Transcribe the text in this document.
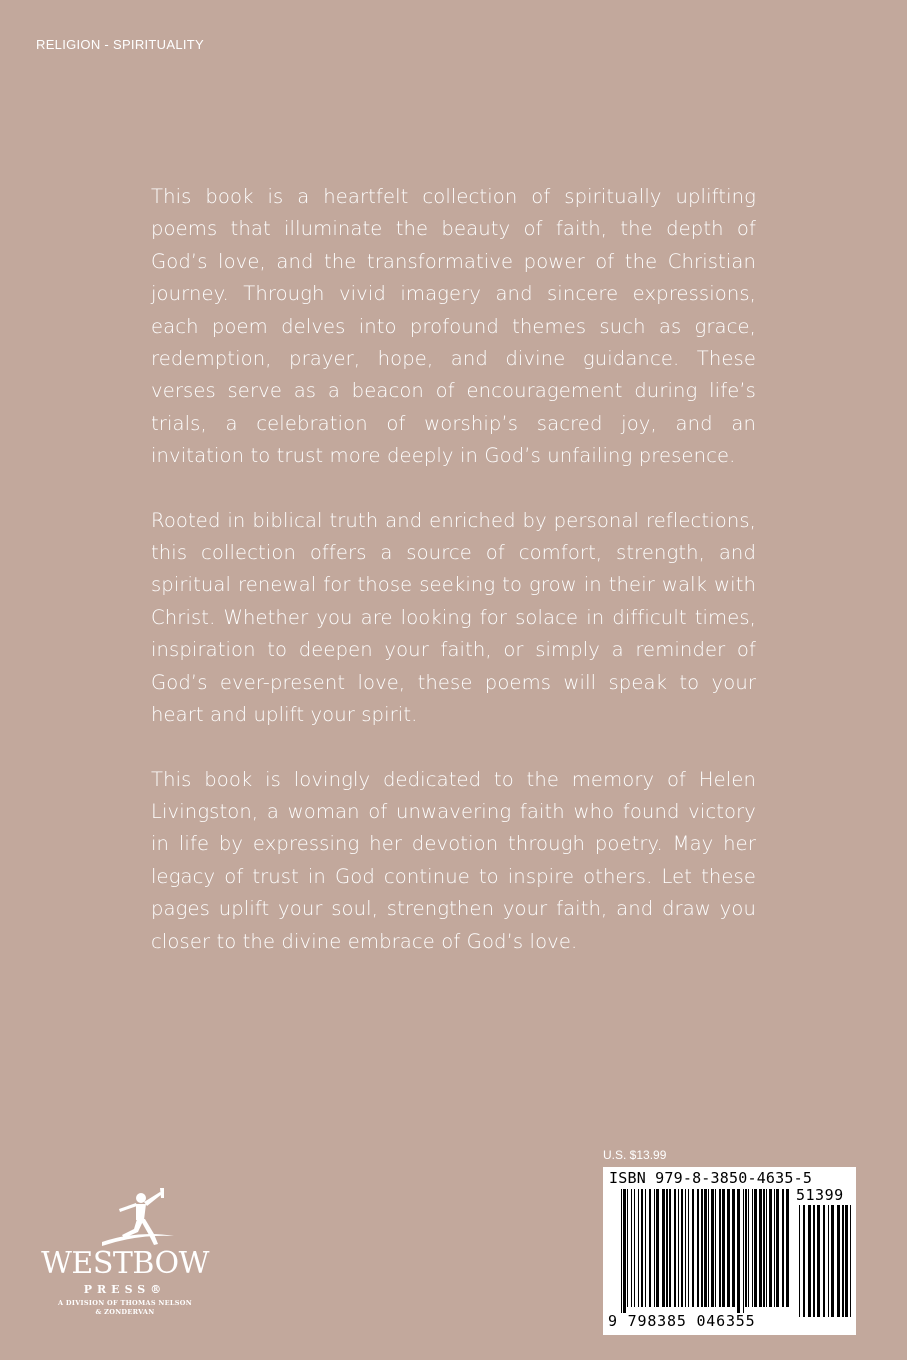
RELIGION - SPIRITUALITY

This book is a heartfelt collection of spiritually uplifting poems that illuminate the beauty of faith, the depth of God’s love, and the transformative power of the Christian journey. Through vivid imagery and sincere expressions, each poem delves into profound themes such as grace, redemption, prayer, hope, and divine guidance. These verses serve as a beacon of encouragement during life’s trials, a celebration of worship’s sacred joy, and an invitation to trust more deeply in God’s unfailing presence.

Rooted in biblical truth and enriched by personal reflections, this collection offers a source of comfort, strength, and spiritual renewal for those seeking to grow in their walk with Christ. Whether you are looking for solace in difficult times, inspiration to deepen your faith, or simply a reminder of God’s ever-present love, these poems will speak to your heart and uplift your spirit.

This book is lovingly dedicated to the memory of Helen Livingston, a woman of unwavering faith who found victory in life by expressing her devotion through poetry. May her legacy of trust in God continue to inspire others. Let these pages uplift your soul, strengthen your faith, and draw you closer to the divine embrace of God’s love.

WESTBOW
PRESS®
A DIVISION OF THOMAS NELSON
& ZONDERVAN
U.S. $13.99
ISBN 979-8-3850-4635-5
51399
9 798385 046355
